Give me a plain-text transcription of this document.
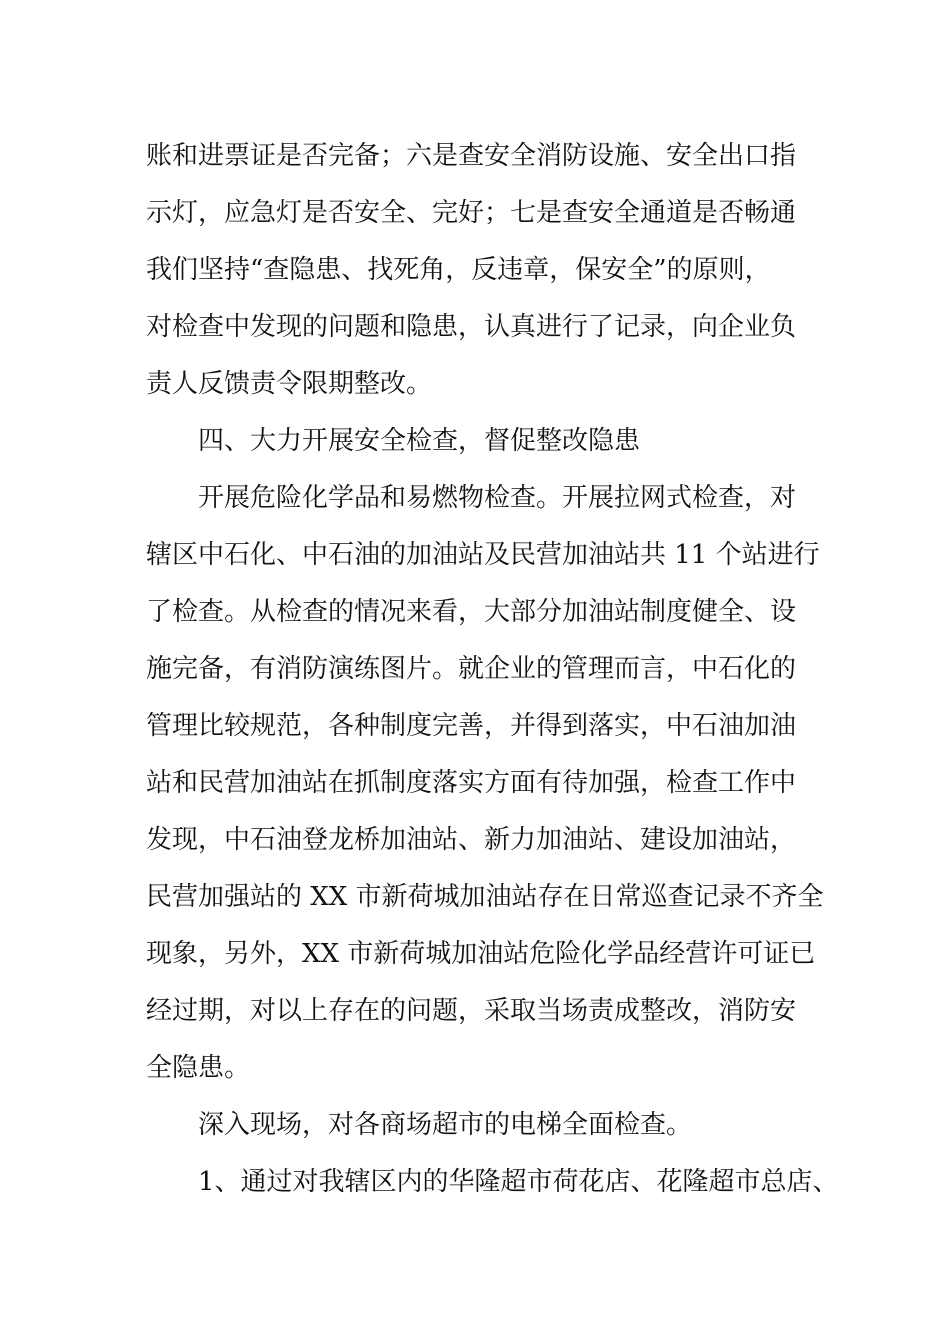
账和进票证是否完备；六是查安全消防设施、安全出口指
示灯，应急灯是否安全、完好；七是查安全通道是否畅通
我们坚持“查隐患、找死角，反违章，保安全”的原则，
对检查中发现的问题和隐患，认真进行了记录，向企业负
责人反馈责令限期整改。
四、大力开展安全检查，督促整改隐患
开展危险化学品和易燃物检查。开展拉网式检查，对
辖区中石化、中石油的加油站及民营加油站共 11 个站进行
了检查。从检查的情况来看，大部分加油站制度健全、设
施完备，有消防演练图片。就企业的管理而言，中石化的
管理比较规范，各种制度完善，并得到落实，中石油加油
站和民营加油站在抓制度落实方面有待加强，检查工作中
发现，中石油登龙桥加油站、新力加油站、建设加油站，
民营加强站的 XX 市新荷城加油站存在日常巡查记录不齐全
现象，另外，XX 市新荷城加油站危险化学品经营许可证已
经过期，对以上存在的问题，采取当场责成整改，消防安
全隐患。
深入现场，对各商场超市的电梯全面检查。
1、通过对我辖区内的华隆超市荷花店、花隆超市总店、
